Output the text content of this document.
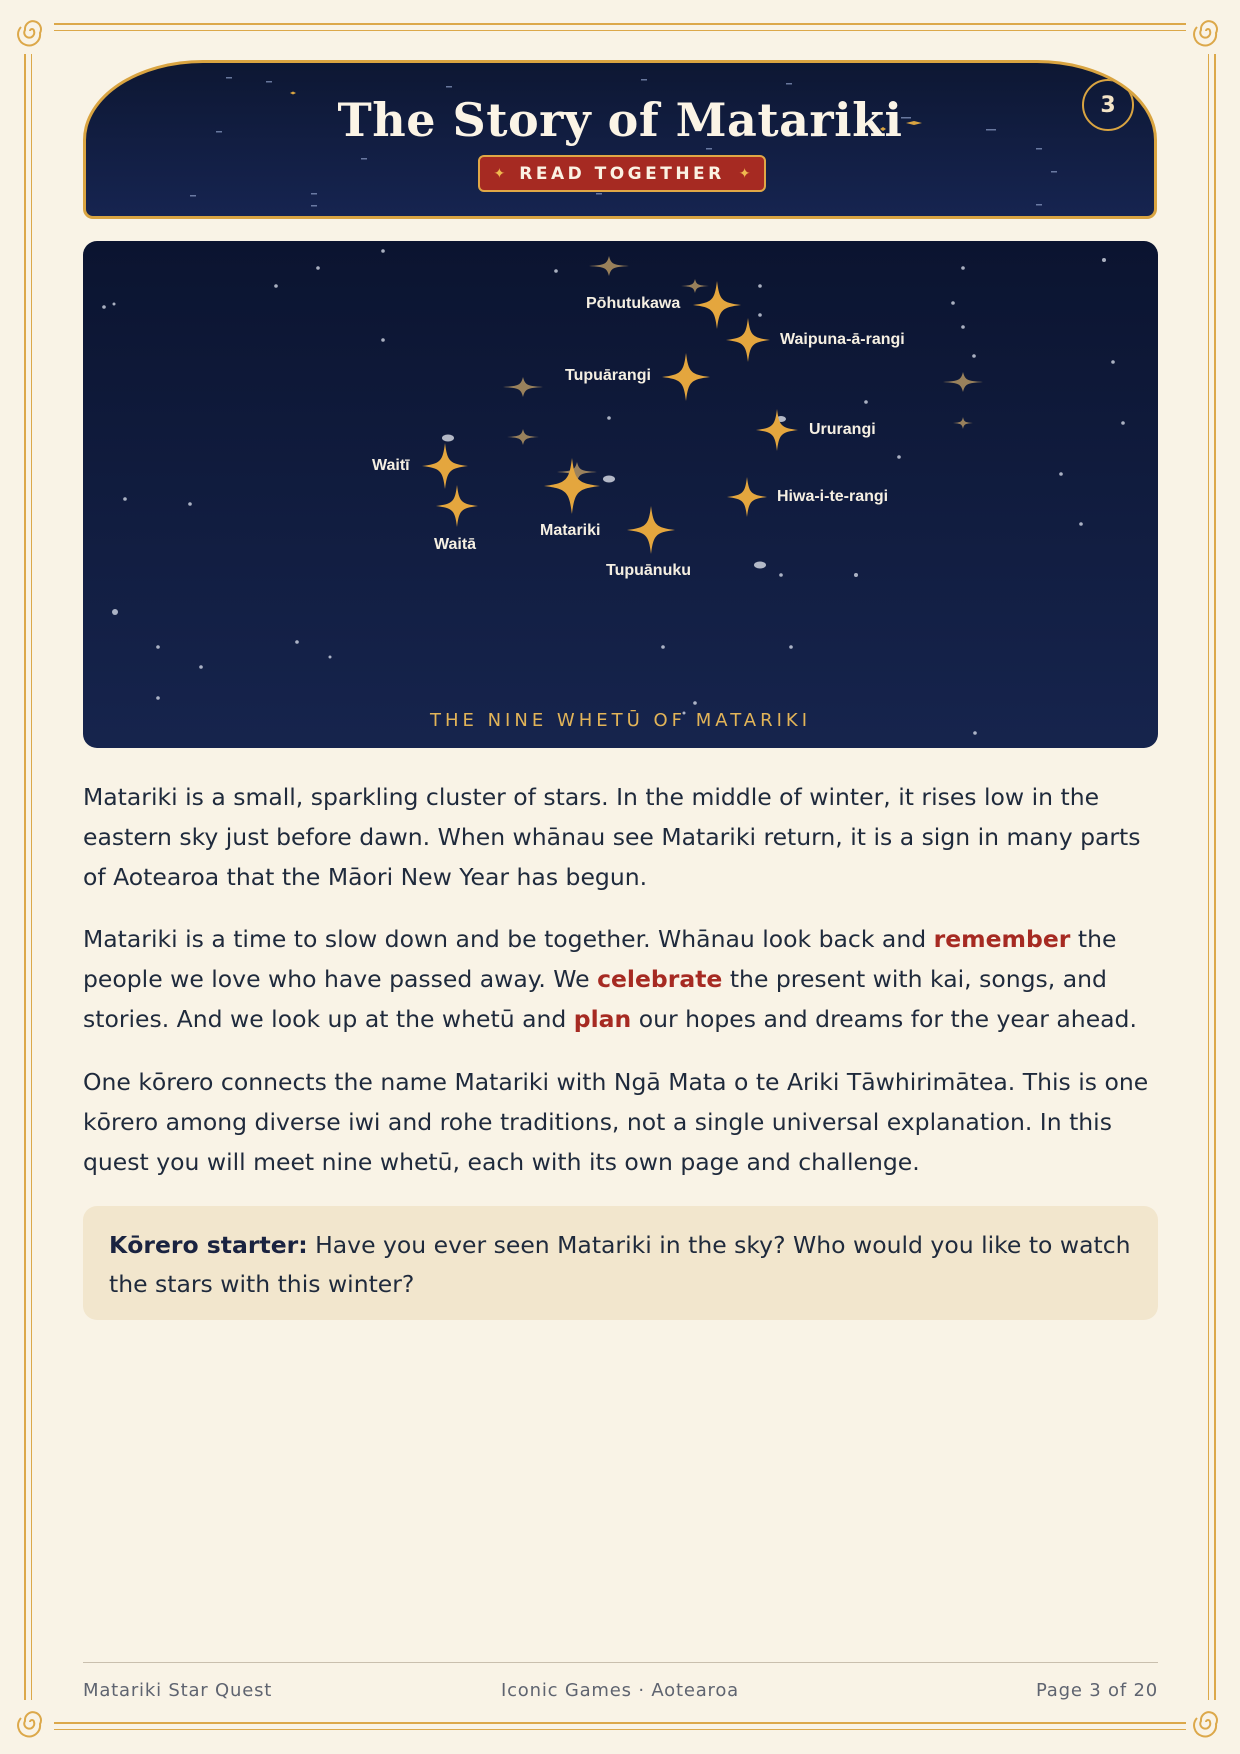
The Story of Matariki
✦ READ TOGETHER ✦
3
Pōhutukawa
Waipuna-ā-rangi
Tupuārangi
Ururangi
Waitī
Hiwa-i-te-rangi
Matariki
Waitā
Tupuānuku
THE NINE WHETŪ OF MATARIKI

Matariki is a small, sparkling cluster of stars. In the middle of winter, it rises low in the eastern sky just before dawn. When whānau see Matariki return, it is a sign in many parts of Aotearoa that the Māori New Year has begun.

Matariki is a time to slow down and be together. Whānau look back and remember the people we love who have passed away. We celebrate the present with kai, songs, and stories. And we look up at the whetū and plan our hopes and dreams for the year ahead.

One kōrero connects the name Matariki with Ngā Mata o te Ariki Tāwhirimātea. This is one kōrero among diverse iwi and rohe traditions, not a single universal explanation. In this quest you will meet nine whetū, each with its own page and challenge.

Kōrero starter: Have you ever seen Matariki in the sky? Who would you like to watch the stars with this winter?
Matariki Star Quest	Iconic Games · Aotearoa	Page 3 of 20
